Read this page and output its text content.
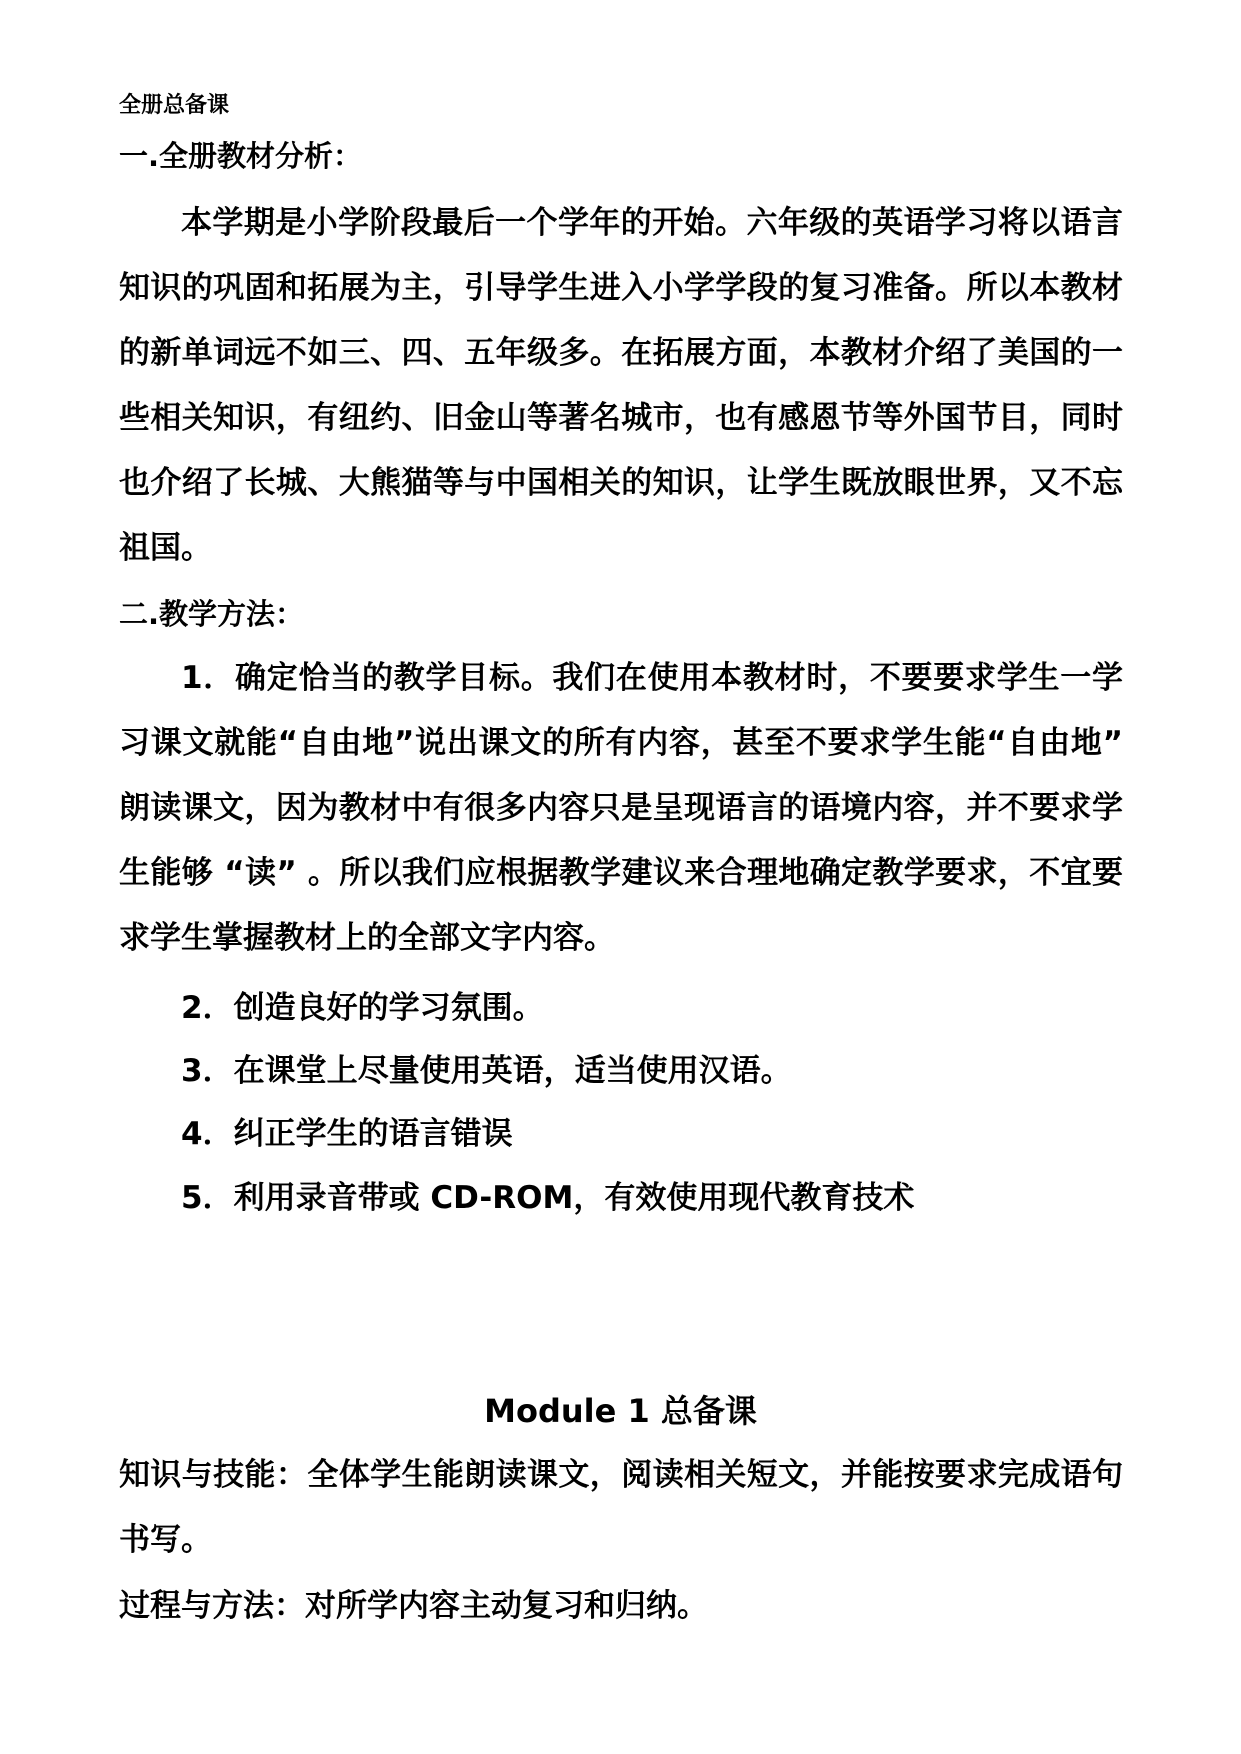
全册总备课
一.全册教材分析：

本学期是小学阶段最后一个学年的开始。六年级的英语学习将以语言知识的巩固和拓展为主，引导学生进入小学学段的复习准备。所以本教材的新单词远不如三、四、五年级多。在拓展方面，本教材介绍了美国的一些相关知识，有纽约、旧金山等著名城市，也有感恩节等外国节目，同时也介绍了长城、大熊猫等与中国相关的知识，让学生既放眼世界，又不忘祖国。

二.教学方法：

1．确定恰当的教学目标。我们在使用本教材时，不要要求学生一学习课文就能“自由地”说出课文的所有内容，甚至不要求学生能“自由地” 朗读课文，因为教材中有很多内容只是呈现语言的语境内容，并不要求学生能够 “读” 。所以我们应根据教学建议来合理地确定教学要求，不宜要求学生掌握教材上的全部文字内容。

2．创造良好的学习氛围。
3．在课堂上尽量使用英语，适当使用汉语。
4．纠正学生的语言错误
5．利用录音带或 CD-ROM，有效使用现代教育技术
Module 1 总备课

知识与技能：全体学生能朗读课文，阅读相关短文，并能按要求完成语句书写。

过程与方法：对所学内容主动复习和归纳。
